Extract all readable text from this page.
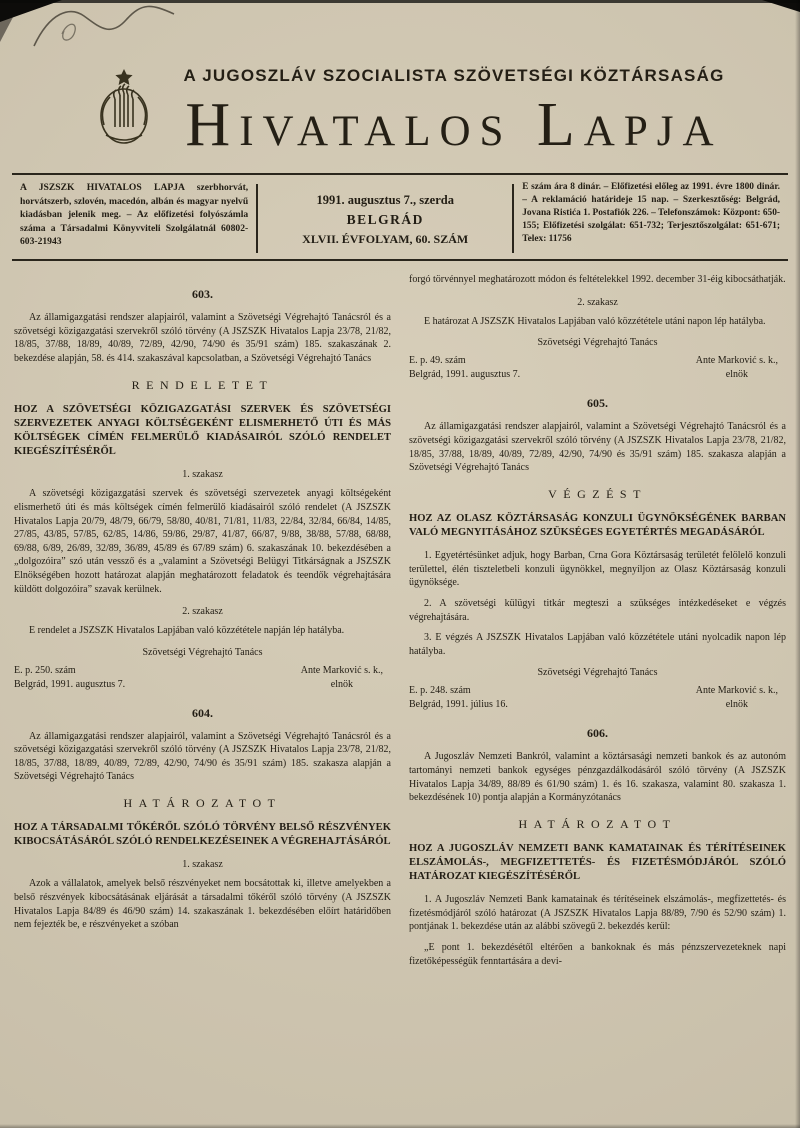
A JUGOSZLÁV SZOCIALISTA SZÖVETSÉGI KÖZTÁRSASÁG
Hivatalos Lapja

A JSZSZK HIVATALOS LAPJA szerbhorvát, horvátszerb, szlovén, macedón, albán és magyar nyelvű kiadásban jelenik meg. – Az előfizetési folyószámla száma a Társadalmi Könyvviteli Szolgálatnál 60802-603-21943

1991. augusztus 7., szerda
BELGRÁD
XLVII. ÉVFOLYAM, 60. SZÁM

E szám ára 8 dinár. – Előfizetési előleg az 1991. évre 1800 dinár. – A reklamáció határideje 15 nap. – Szerkesztőség: Belgrád, Jovana Ristića 1. Postafiók 226. – Telefonszámok: Központ: 650-155; Előfizetési szolgálat: 651-732; Terjesztőszolgálat: 651-671; Telex: 11756

603.
Az államigazgatási rendszer alapjairól, valamint a Szövetségi Végrehajtó Tanácsról és a szövetségi közigazgatási szervekről szóló törvény (A JSZSZK Hivatalos Lapja 23/78, 21/82, 18/85, 37/88, 18/89, 40/89, 72/89, 42/90, 74/90 és 35/91 szám) 185. szakaszának 2. bekezdése alapján, 58. és 414. szakaszával kapcsolatban, a Szövetségi Végrehajtó Tanács
RENDELETET
HOZ A SZÖVETSÉGI KÖZIGAZGATÁSI SZERVEK ÉS SZÖVETSÉGI SZERVEZETEK ANYAGI KÖLTSÉGEKÉNT ELISMERHETŐ ÚTI ÉS MÁS KÖLTSÉGEK CÍMÉN FELMERÜLŐ KIADÁSAIRÓL SZÓLÓ RENDELET KIEGÉSZÍTÉSÉRŐL
1. szakasz
A szövetségi közigazgatási szervek és szövetségi szervezetek anyagi költségeként elismerhető úti és más költségek címén felmerülő kiadásairól szóló rendelet (A JSZSZK Hivatalos Lapja 20/79, 48/79, 66/79, 58/80, 40/81, 71/81, 11/83, 22/84, 32/84, 66/84, 14/85, 27/85, 43/85, 57/85, 62/85, 14/86, 59/86, 29/87, 41/87, 66/87, 9/88, 38/88, 57/88, 68/88, 69/88, 6/89, 26/89, 32/89, 36/89, 45/89 és 67/89 szám) 6. szakaszának 10. bekezdésében a „dolgozóira” szó után vessző és a „valamint a Szövetségi Belügyi Titkárságnak a JSZSZK Elnökségében hozott határozat alapján meghatározott feladatok és teendők végrehajtására küldött dolgozóira” szavak kerülnek.
2. szakasz
E rendelet a JSZSZK Hivatalos Lapjában való közzététele napján lép hatályba.
Szövetségi Végrehajtó Tanács
E. p. 250. szám
Belgrád, 1991. augusztus 7.
Ante Marković s. k.,
elnök
604.
Az államigazgatási rendszer alapjairól, valamint a Szövetségi Végrehajtó Tanácsról és a szövetségi közigazgatási szervekről szóló törvény (A JSZSZK Hivatalos Lapja 23/78, 21/82, 18/85, 37/88, 18/89, 40/89, 72/89, 42/90, 74/90 és 35/91 szám) 185. szakasza alapján a Szövetségi Végrehajtó Tanács
HATÁROZATOT
HOZ A TÁRSADALMI TŐKÉRŐL SZÓLÓ TÖRVÉNY BELSŐ RÉSZVÉNYEK KIBOCSÁTÁSÁRÓL SZÓLÓ RENDELKEZÉSEINEK A VÉGREHAJTÁSÁRÓL
1. szakasz
Azok a vállalatok, amelyek belső részvényeket nem bocsátottak ki, illetve amelyekben a belső részvények kibocsátásának eljárását a társadalmi tőkéről szóló törvény (A JSZSZK Hivatalos Lapja 84/89 és 46/90 szám) 14. szakaszának 1. bekezdésében előírt határidőben nem fejezték be, e részvényeket a szóban
forgó törvénnyel meghatározott módon és feltételekkel 1992. december 31-éig kibocsáthatják.
2. szakasz
E határozat A JSZSZK Hivatalos Lapjában való közzététele utáni napon lép hatályba.
Szövetségi Végrehajtó Tanács
E. p. 49. szám
Belgrád, 1991. augusztus 7.
Ante Marković s. k.,
elnök
605.
Az államigazgatási rendszer alapjairól, valamint a Szövetségi Végrehajtó Tanácsról és a szövetségi közigazgatási szervekről szóló törvény (A JSZSZK Hivatalos Lapja 23/78, 21/82, 18/85, 37/88, 18/89, 40/89, 72/89, 42/90, 74/90 és 35/91 szám) 185. szakasza alapján a Szövetségi Végrehajtó Tanács
VÉGZÉST
HOZ AZ OLASZ KÖZTÁRSASÁG KONZULI ÜGYNÖKSÉGÉNEK BARBAN VALÓ MEGNYITÁSÁHOZ SZÜKSÉGES EGYETÉRTÉS MEGADÁSÁRÓL
1. Egyetértésünket adjuk, hogy Barban, Crna Gora Köztársaság területét felölelő konzuli területtel, élén tiszteletbeli konzuli ügynökkel, megnyíljon az Olasz Köztársaság konzuli ügynöksége.
2. A szövetségi külügyi titkár megteszi a szükséges intézkedéseket e végzés végrehajtására.
3. E végzés A JSZSZK Hivatalos Lapjában való közzététele utáni nyolcadik napon lép hatályba.
Szövetségi Végrehajtó Tanács
E. p. 248. szám
Belgrád, 1991. július 16.
Ante Marković s. k.,
elnök
606.
A Jugoszláv Nemzeti Bankról, valamint a köztársasági nemzeti bankok és az autonóm tartományi nemzeti bankok egységes pénzgazdálkodásáról szóló törvény (A JSZSZK Hivatalos Lapja 34/89, 88/89 és 61/90 szám) 1. és 16. szakasza, valamint 80. szakasza 1. bekezdésének 10) pontja alapján a Kormányzótanács
HATÁROZATOT
HOZ A JUGOSZLÁV NEMZETI BANK KAMATAINAK ÉS TÉRÍTÉSEINEK ELSZÁMOLÁS-, MEGFIZETTETÉS- ÉS FIZETÉSMÓDJÁRÓL SZÓLÓ HATÁROZAT KIEGÉSZÍTÉSÉRŐL
1. A Jugoszláv Nemzeti Bank kamatainak és térítéseinek elszámolás-, megfizettetés- és fizetésmódjáról szóló határozat (A JSZSZK Hivatalos Lapja 88/89, 7/90 és 52/90 szám) 1. pontjának 1. bekezdése után az alábbi szövegű 2. bekezdés kerül:
„E pont 1. bekezdésétől eltérően a bankoknak és más pénzszervezeteknek napi fizetőképességük fenntartására a devi-
